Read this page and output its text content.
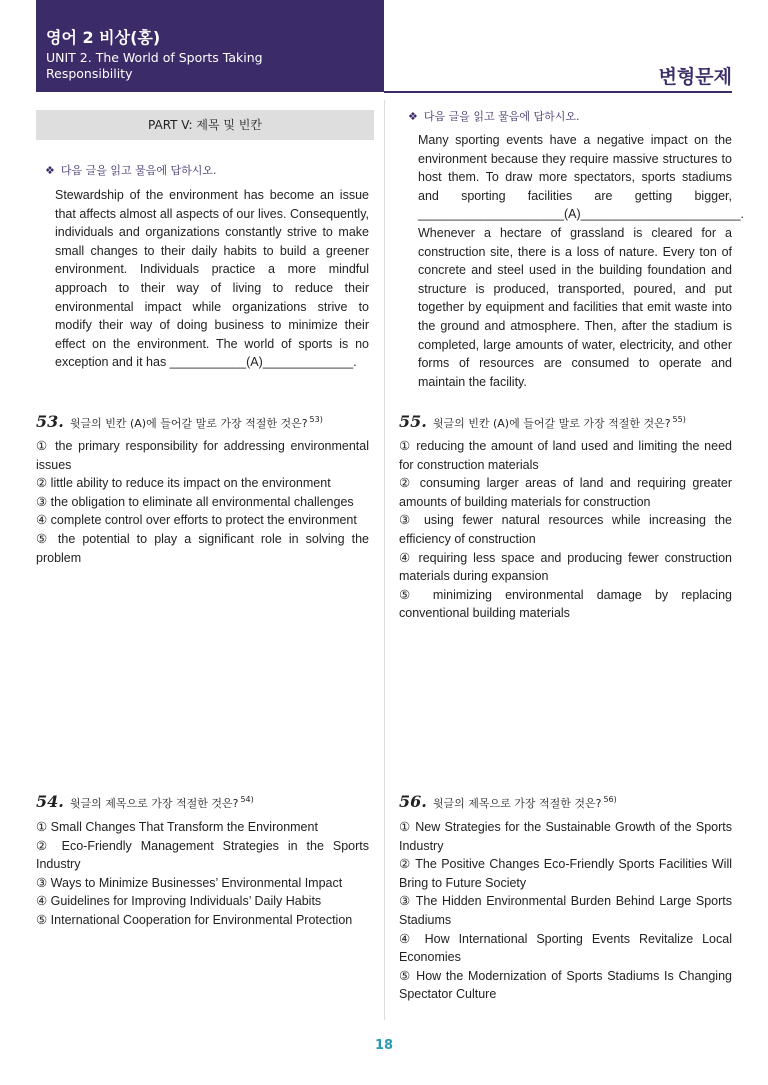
영어 2 비상(홍)
UNIT 2. The World of Sports Taking
Responsibility	변형문제
PART V: 제목 및 빈칸
❖ 다음 글을 읽고 물음에 답하시오.
Stewardship of the environment has become an issue that affects almost all aspects of our lives. Consequently, individuals and organizations constantly strive to make small changes to their daily habits to build a greener environment. Individuals practice a more mindful approach to their way of living to reduce their environmental impact while organizations strive to modify their way of doing business to minimize their effect on the environment. The world of sports is no exception and it has ___________(A)_____________.
53. 윗글의 빈칸 (A)에 들어갈 말로 가장 적절한 것은? $^{53)}$
① the primary responsibility for addressing environmental issues
② little ability to reduce its impact on the environment
③ the obligation to eliminate all environmental challenges
④ complete control over efforts to protect the environment
⑤ the potential to play a significant role in solving the problem
54. 윗글의 제목으로 가장 적절한 것은? $^{54)}$
① Small Changes That Transform the Environment
② Eco-Friendly Management Strategies in the Sports Industry
③ Ways to Minimize Businesses’ Environmental Impact
④ Guidelines for Improving Individuals’ Daily Habits
⑤ International Cooperation for Environmental Protection
❖ 다음 글을 읽고 물음에 답하시오.
Many sporting events have a negative impact on the environment because they require massive structures to host them. To draw more spectators, sports stadiums and sporting facilities are getting bigger, _____________________(A)_______________________. Whenever a hectare of grassland is cleared for a construction site, there is a loss of nature. Every ton of concrete and steel used in the building foundation and structure is produced, transported, poured, and put together by equipment and facilities that emit waste into the ground and atmosphere. Then, after the stadium is completed, large amounts of water, electricity, and other forms of resources are consumed to operate and maintain the facility.
55. 윗글의 빈칸 (A)에 들어갈 말로 가장 적절한 것은? $^{55)}$
① reducing the amount of land used and limiting the need for construction materials
② consuming larger areas of land and requiring greater amounts of building materials for construction
③ using fewer natural resources while increasing the efficiency of construction
④ requiring less space and producing fewer construction materials during expansion
⑤ minimizing environmental damage by replacing conventional building materials
56. 윗글의 제목으로 가장 적절한 것은? $^{56)}$
① New Strategies for the Sustainable Growth of the Sports Industry
② The Positive Changes Eco-Friendly Sports Facilities Will Bring to Future Society
③ The Hidden Environmental Burden Behind Large Sports Stadiums
④ How International Sporting Events Revitalize Local Economies
⑤ How the Modernization of Sports Stadiums Is Changing Spectator Culture
18
